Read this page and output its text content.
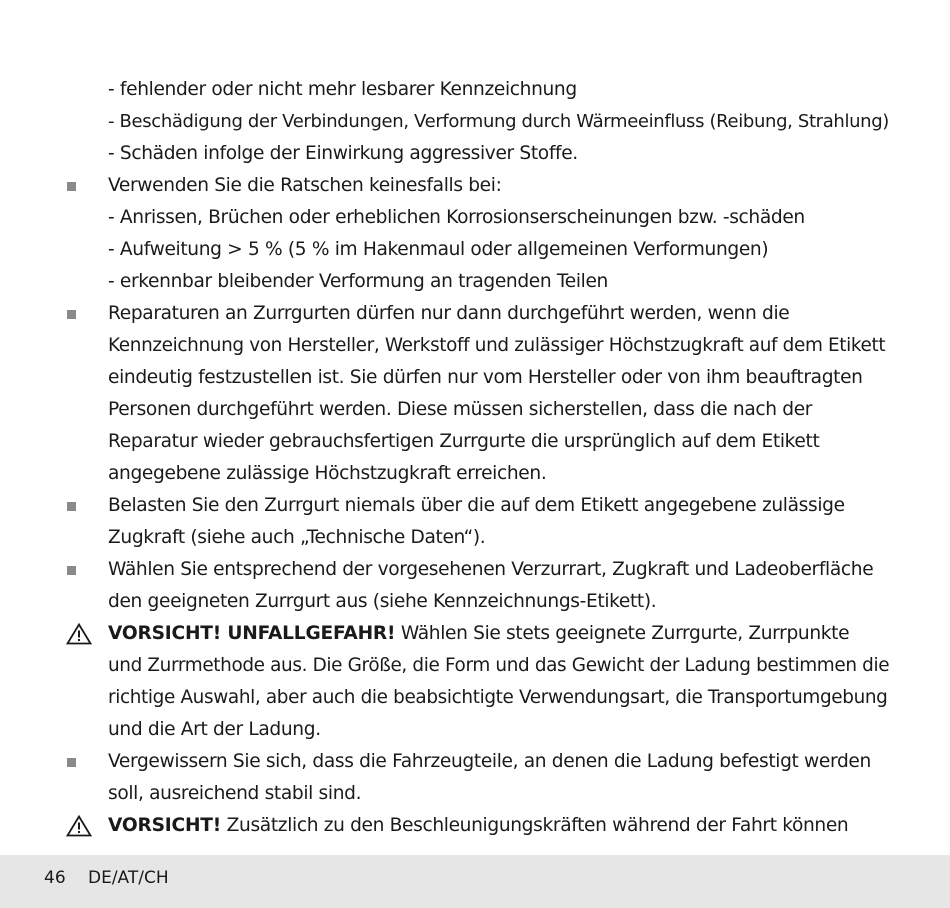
- fehlender oder nicht mehr lesbarer Kennzeichnung
- Beschädigung der Verbindungen, Verformung durch Wärmeeinfluss (Reibung, Strahlung)
- Schäden infolge der Einwirkung aggressiver Stoffe.
Verwenden Sie die Ratschen keinesfalls bei:
- Anrissen, Brüchen oder erheblichen Korrosionserscheinungen bzw. -schäden
- Aufweitung > 5 % (5 % im Hakenmaul oder allgemeinen Verformungen)
- erkennbar bleibender Verformung an tragenden Teilen
Reparaturen an Zurrgurten dürfen nur dann durchgeführt werden, wenn die
Kennzeichnung von Hersteller, Werkstoff und zulässiger Höchstzugkraft auf dem Etikett
eindeutig festzustellen ist. Sie dürfen nur vom Hersteller oder von ihm beauftragten
Personen durchgeführt werden. Diese müssen sicherstellen, dass die nach der
Reparatur wieder gebrauchsfertigen Zurrgurte die ursprünglich auf dem Etikett
angegebene zulässige Höchstzugkraft erreichen.
Belasten Sie den Zurrgurt niemals über die auf dem Etikett angegebene zulässige
Zugkraft (siehe auch „Technische Daten“).
Wählen Sie entsprechend der vorgesehenen Verzurrart, Zugkraft und Ladeoberfläche
den geeigneten Zurrgurt aus (siehe Kennzeichnungs-Etikett).
VORSICHT! UNFALLGEFAHR! Wählen Sie stets geeignete Zurrgurte, Zurrpunkte
und Zurrmethode aus. Die Größe, die Form und das Gewicht der Ladung bestimmen die
richtige Auswahl, aber auch die beabsichtigte Verwendungsart, die Transportumgebung
und die Art der Ladung.
Vergewissern Sie sich, dass die Fahrzeugteile, an denen die Ladung befestigt werden
soll, ausreichend stabil sind.
VORSICHT! Zusätzlich zu den Beschleunigungskräften während der Fahrt können
46 DE/AT/CH
